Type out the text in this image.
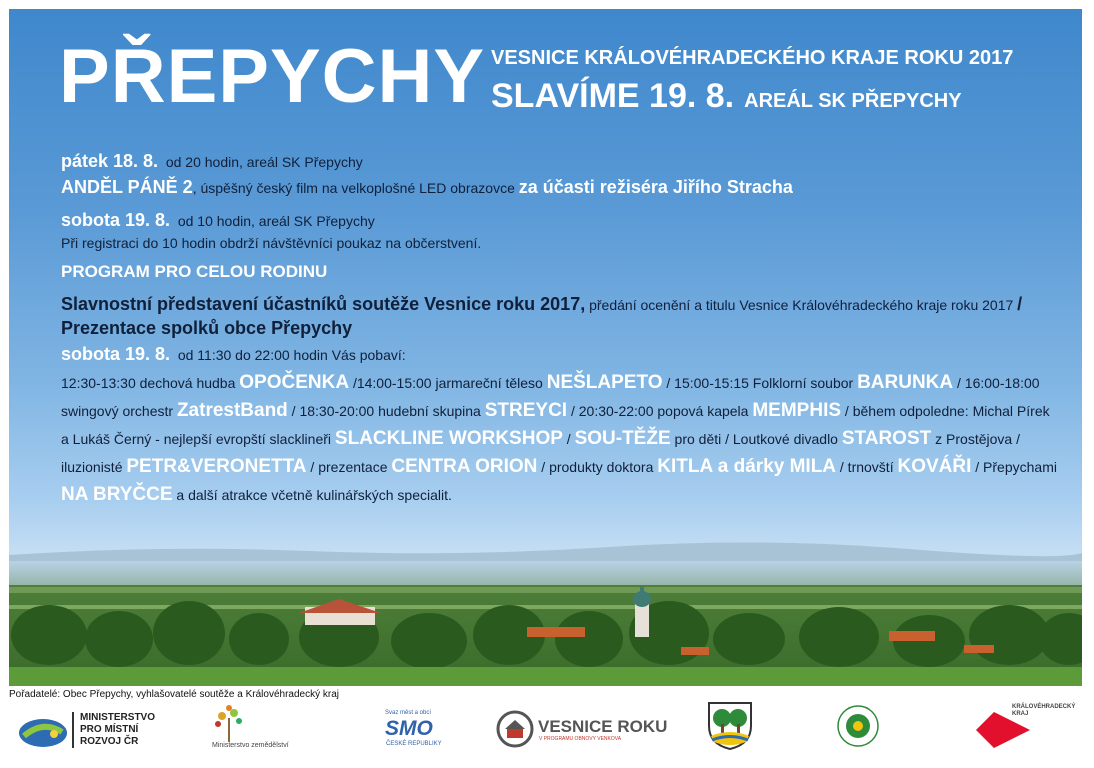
PŘEPYCHY VESNICE KRÁLOVÉHRADECKÉHO KRAJE ROKU 2017
SLAVÍME 19. 8. AREÁL SK PŘEPYCHY
pátek 18. 8. od 20 hodin, areál SK Přepychy
ANDĚL PÁNĚ 2, úspěšný český film na velkoplošné LED obrazovce za účasti režiséra Jiřího Stracha
sobota 19. 8. od 10 hodin, areál SK Přepychy
Při registraci do 10 hodin obdrží návštěvníci poukaz na občerstvení.
PROGRAM PRO CELOU RODINU
Slavnostní představení účastníků soutěže Vesnice roku 2017, předání ocenění a titulu Vesnice Královéhradeckého kraje roku 2017 / Prezentace spolků obce Přepychy
sobota 19. 8. od 11:30 do 22:00 hodin Vás pobaví:
12:30-13:30 dechová hudba OPOČENKA /14:00-15:00 jarmareční těleso NEŠLAPETO / 15:00-15:15 Folklorní soubor BARUNKA / 16:00-18:00 swingový orchestr ZatrestBand / 18:30-20:00 hudební skupina STREYCI / 20:30-22:00 popová kapela MEMPHIS / během odpoledne: Michal Pírek a Lukáš Černý - nejlepší evropští slacklineři SLACKLINE WORKSHOP / SOU-TĚŽE pro děti / Loutkové divadlo STAROST z Prostějova / iluzionisté PETR&VERONETTA / prezentace CENTRA ORION / produkty doktora KITLA a dárky MILA / trnovští KOVÁŘI / Přepychami NA BRYČCE a další atrakce včetně kulinářských specialit.
Pořadatelé: Obec Přepychy, vyhlašovatelé soutěže a Královéhradecký kraj
MINISTERSTVO
PRO MÍSTNÍ
ROZVOJ ČR	Ministerstvo zemědělství
Svaz měst a obcí
SMO
ČESKÉ REPUBLIKY
VESNICE ROKU
V PROGRAMU OBNOVY VENKOVA
KRÁLOVÉHRADECKÝ
KRAJ
